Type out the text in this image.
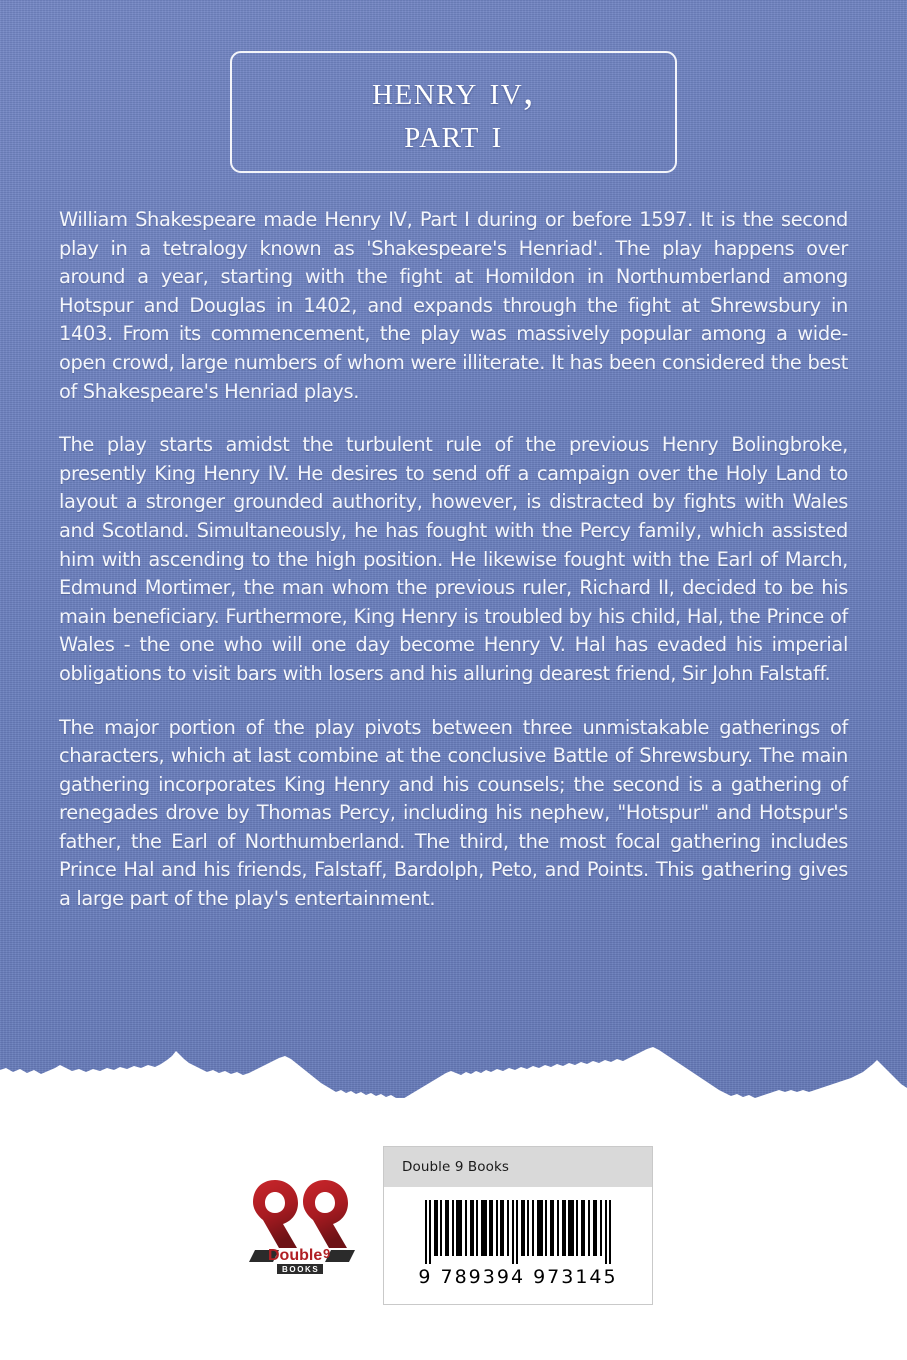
henry iv,
part i

William Shakespeare made Henry IV, Part I during or before 1597. It is the second play in a tetralogy known as 'Shakespeare's Henriad'. The play happens over around a year, starting with the fight at Homildon in Northumberland among Hotspur and Douglas in 1402, and expands through the fight at Shrewsbury in 1403. From its commencement, the play was massively popular among a wide-open crowd, large numbers of whom were illiterate. It has been considered the best of Shakespeare's Henriad plays.

The play starts amidst the turbulent rule of the previous Henry Bolingbroke, presently King Henry IV. He desires to send off a campaign over the Holy Land to layout a stronger grounded authority, however, is distracted by fights with Wales and Scotland. Simultaneously, he has fought with the Percy family, which assisted him with ascending to the high position. He likewise fought with the Earl of March, Edmund Mortimer, the man whom the previous ruler, Richard II, decided to be his main beneficiary. Furthermore, King Henry is troubled by his child, Hal, the Prince of Wales - the one who will one day become Henry V. Hal has evaded his imperial obligations to visit bars with losers and his alluring dearest friend, Sir John Falstaff.

The major portion of the play pivots between three unmistakable gatherings of characters, which at last combine at the conclusive Battle of Shrewsbury. The main gathering incorporates King Henry and his counsels; the second is a gathering of renegades drove by Thomas Percy, including his nephew, "Hotspur" and Hotspur's father, the Earl of Northumberland. The third, the most focal gathering includes Prince Hal and his friends, Falstaff, Bardolph, Peto, and Points. This gathering gives a large part of the play's entertainment.

Double 9
BOOKS
Double 9 Books
9 789394 973145
